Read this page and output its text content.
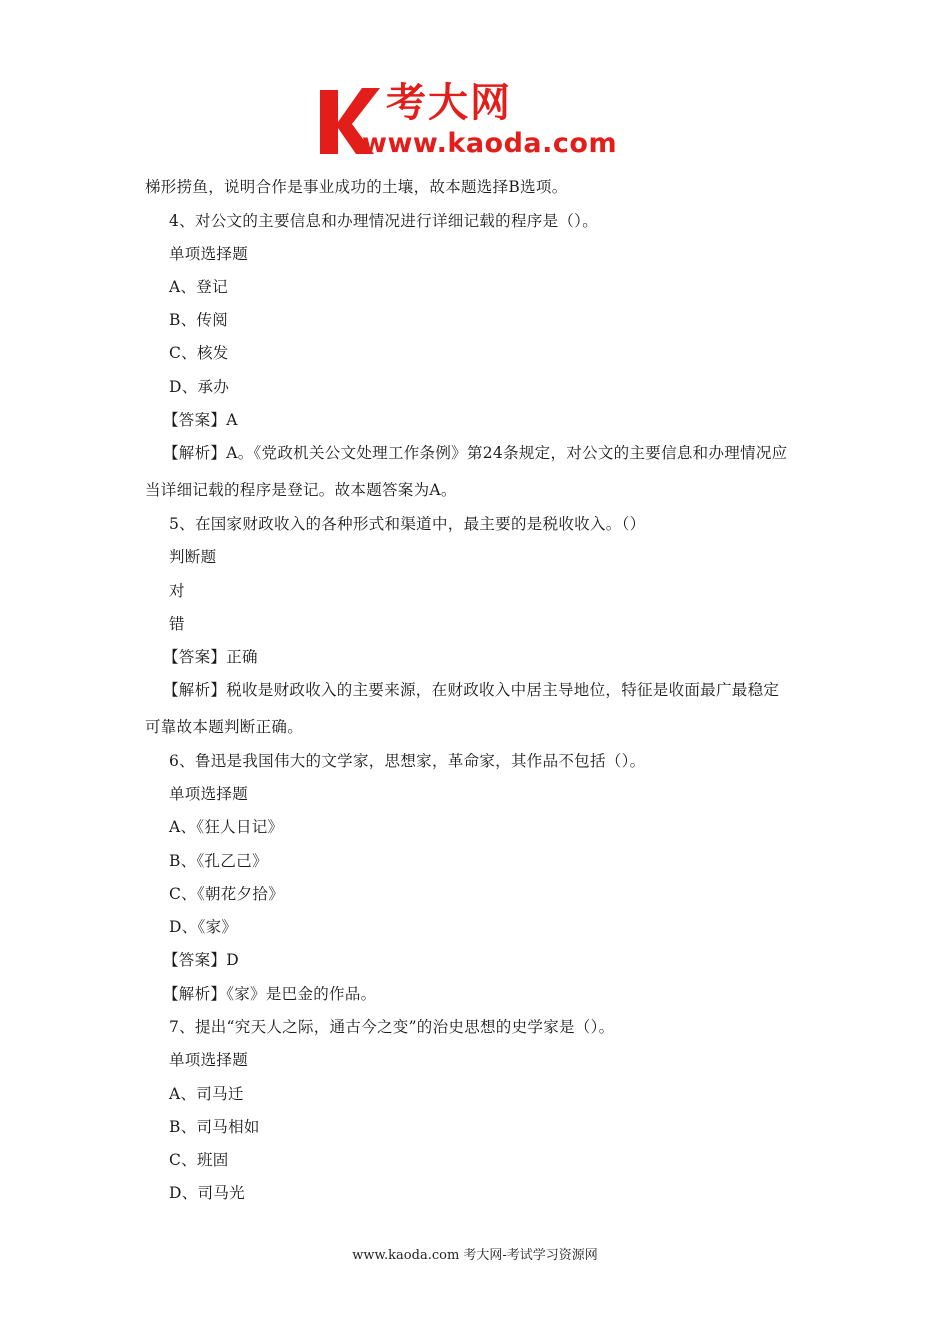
考大网
www.kaoda.com
梯形捞鱼，说明合作是事业成功的土壤，故本题选择B选项。
4、对公文的主要信息和办理情况进行详细记载的程序是（）。
单项选择题
A、登记
B、传阅
C、核发
D、承办
【答案】A
【解析】A。《党政机关公文处理工作条例》第24条规定，对公文的主要信息和办理情况应
当详细记载的程序是登记。故本题答案为A。
5、在国家财政收入的各种形式和渠道中，最主要的是税收收入。（）
判断题
对
错
【答案】正确
【解析】税收是财政收入的主要来源，在财政收入中居主导地位，特征是收面最广最稳定
可靠故本题判断正确。
6、鲁迅是我国伟大的文学家，思想家，革命家，其作品不包括（）。
单项选择题
A、《狂人日记》
B、《孔乙己》
C、《朝花夕拾》
D、《家》
【答案】D
【解析】《家》是巴金的作品。
7、提出“究天人之际，通古今之变”的治史思想的史学家是（）。
单项选择题
A、司马迁
B、司马相如
C、班固
D、司马光
www.kaoda.com 考大网-考试学习资源网
